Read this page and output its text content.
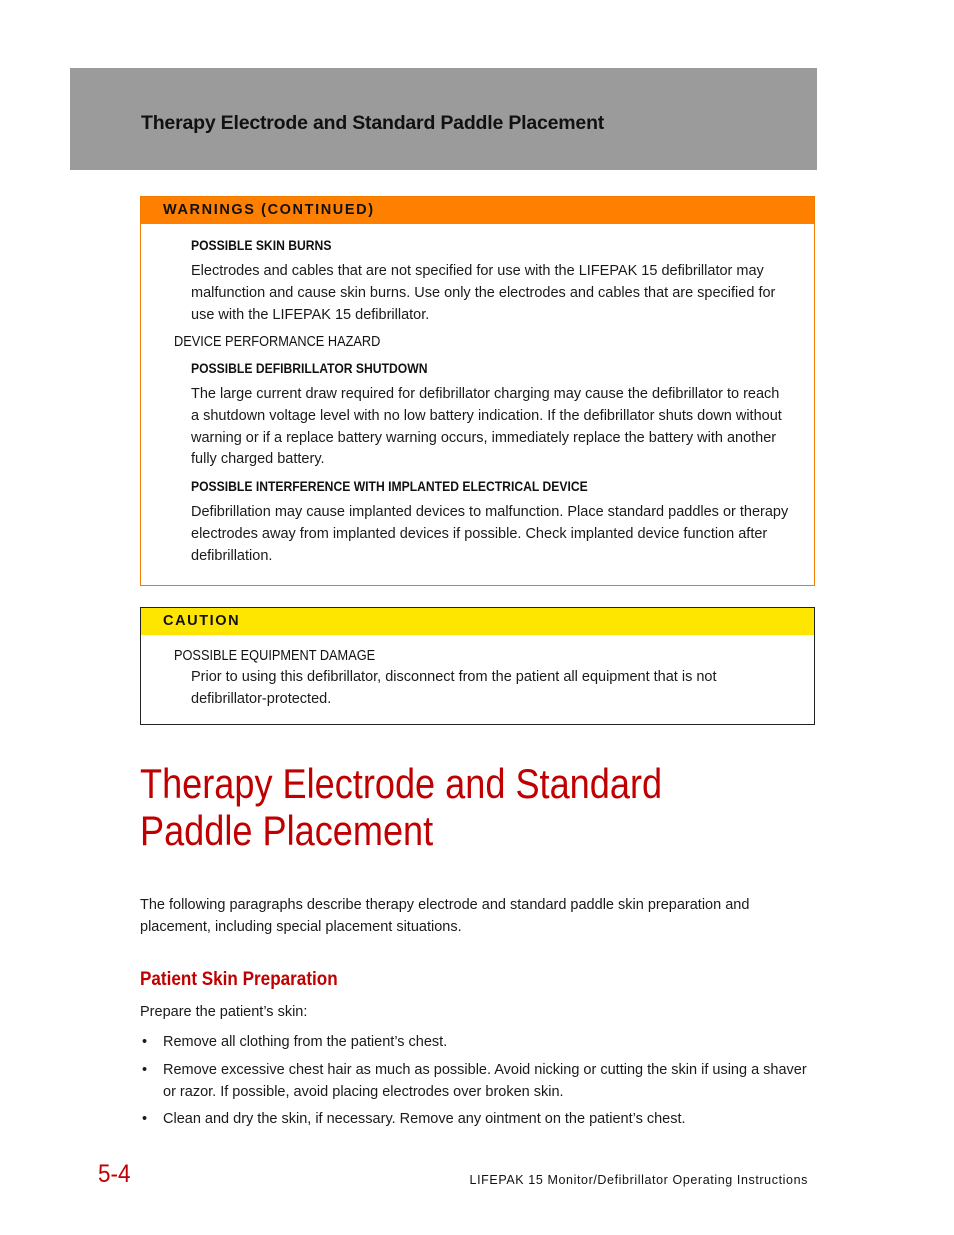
Therapy Electrode and Standard Paddle Placement
WARNINGS (CONTINUED)
POSSIBLE SKIN BURNS
Electrodes and cables that are not specified for use with the LIFEPAK 15 defibrillator may malfunction and cause skin burns. Use only the electrodes and cables that are specified for use with the LIFEPAK 15 defibrillator.
DEVICE PERFORMANCE HAZARD
POSSIBLE DEFIBRILLATOR SHUTDOWN
The large current draw required for defibrillator charging may cause the defibrillator to reach a shutdown voltage level with no low battery indication. If the defibrillator shuts down without warning or if a replace battery warning occurs, immediately replace the battery with another fully charged battery.
POSSIBLE INTERFERENCE WITH IMPLANTED ELECTRICAL DEVICE
Defibrillation may cause implanted devices to malfunction. Place standard paddles or therapy electrodes away from implanted devices if possible. Check implanted device function after defibrillation.
CAUTION
POSSIBLE EQUIPMENT DAMAGE
Prior to using this defibrillator, disconnect from the patient all equipment that is not defibrillator-protected.
Therapy Electrode and Standard Paddle Placement
The following paragraphs describe therapy electrode and standard paddle skin preparation and placement, including special placement situations.
Patient Skin Preparation
Prepare the patient’s skin:
• Remove all clothing from the patient’s chest.
• Remove excessive chest hair as much as possible. Avoid nicking or cutting the skin if using a shaver or razor. If possible, avoid placing electrodes over broken skin.
• Clean and dry the skin, if necessary. Remove any ointment on the patient’s chest.
5-4	LIFEPAK 15 Monitor/Defibrillator Operating Instructions
